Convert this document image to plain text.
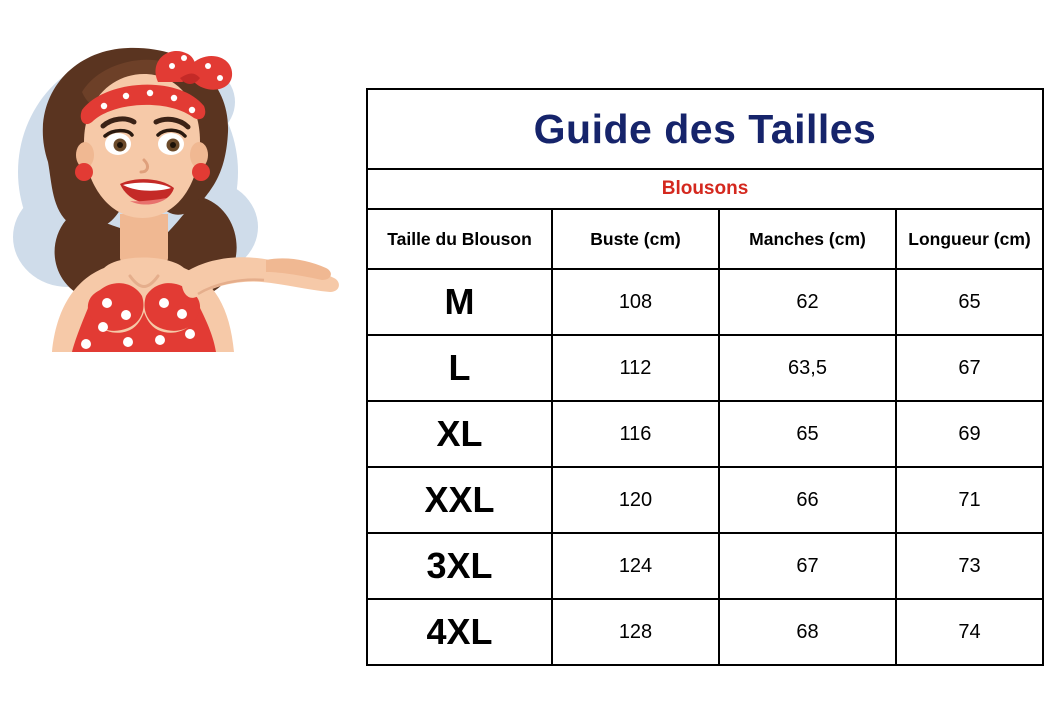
Guide des Tailles			
Blousons			
Taille du Blouson	Buste (cm)	Manches (cm)	Longueur (cm)
M	108	62	65
L	112	63,5	67
XL	116	65	69
XXL	120	66	71
3XL	124	67	73
4XL	128	68	74
